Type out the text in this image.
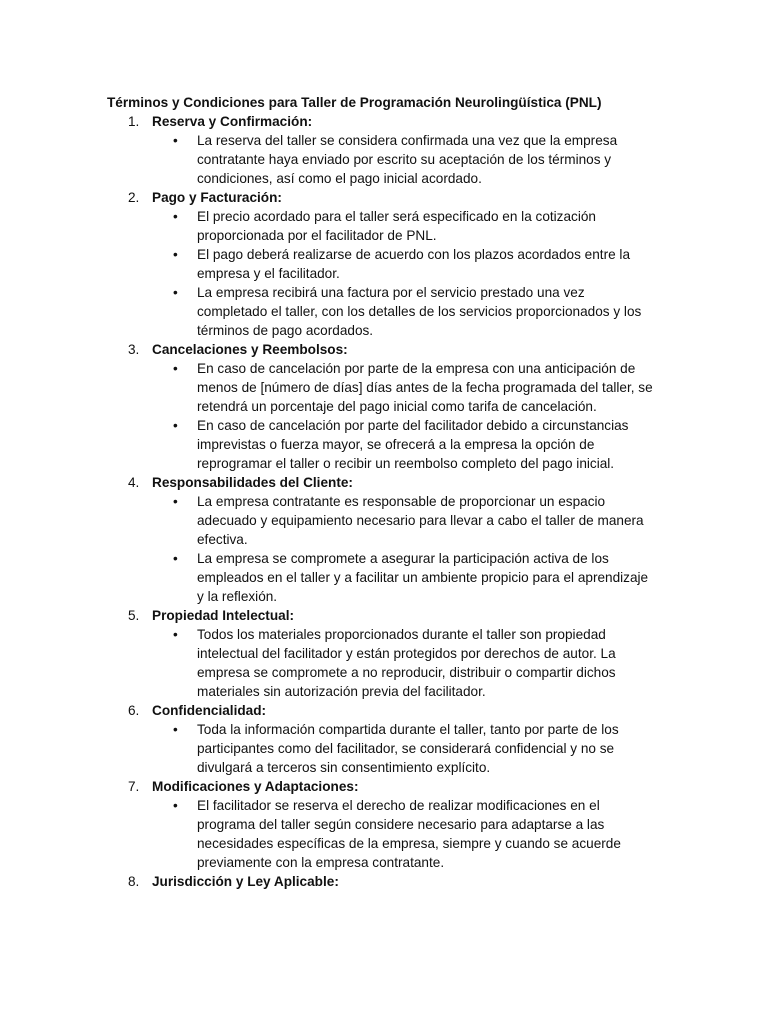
Términos y Condiciones para Taller de Programación Neurolingüística (PNL)
1. Reserva y Confirmación:
• La reserva del taller se considera confirmada una vez que la empresa
contratante haya enviado por escrito su aceptación de los términos y
condiciones, así como el pago inicial acordado.
2. Pago y Facturación:
• El precio acordado para el taller será especificado en la cotización
proporcionada por el facilitador de PNL.
• El pago deberá realizarse de acuerdo con los plazos acordados entre la
empresa y el facilitador.
• La empresa recibirá una factura por el servicio prestado una vez
completado el taller, con los detalles de los servicios proporcionados y los
términos de pago acordados.
3. Cancelaciones y Reembolsos:
• En caso de cancelación por parte de la empresa con una anticipación de
menos de [número de días] días antes de la fecha programada del taller, se
retendrá un porcentaje del pago inicial como tarifa de cancelación.
• En caso de cancelación por parte del facilitador debido a circunstancias
imprevistas o fuerza mayor, se ofrecerá a la empresa la opción de
reprogramar el taller o recibir un reembolso completo del pago inicial.
4. Responsabilidades del Cliente:
• La empresa contratante es responsable de proporcionar un espacio
adecuado y equipamiento necesario para llevar a cabo el taller de manera
efectiva.
• La empresa se compromete a asegurar la participación activa de los
empleados en el taller y a facilitar un ambiente propicio para el aprendizaje
y la reflexión.
5. Propiedad Intelectual:
• Todos los materiales proporcionados durante el taller son propiedad
intelectual del facilitador y están protegidos por derechos de autor. La
empresa se compromete a no reproducir, distribuir o compartir dichos
materiales sin autorización previa del facilitador.
6. Confidencialidad:
• Toda la información compartida durante el taller, tanto por parte de los
participantes como del facilitador, se considerará confidencial y no se
divulgará a terceros sin consentimiento explícito.
7. Modificaciones y Adaptaciones:
• El facilitador se reserva el derecho de realizar modificaciones en el
programa del taller según considere necesario para adaptarse a las
necesidades específicas de la empresa, siempre y cuando se acuerde
previamente con la empresa contratante.
8. Jurisdicción y Ley Aplicable:
